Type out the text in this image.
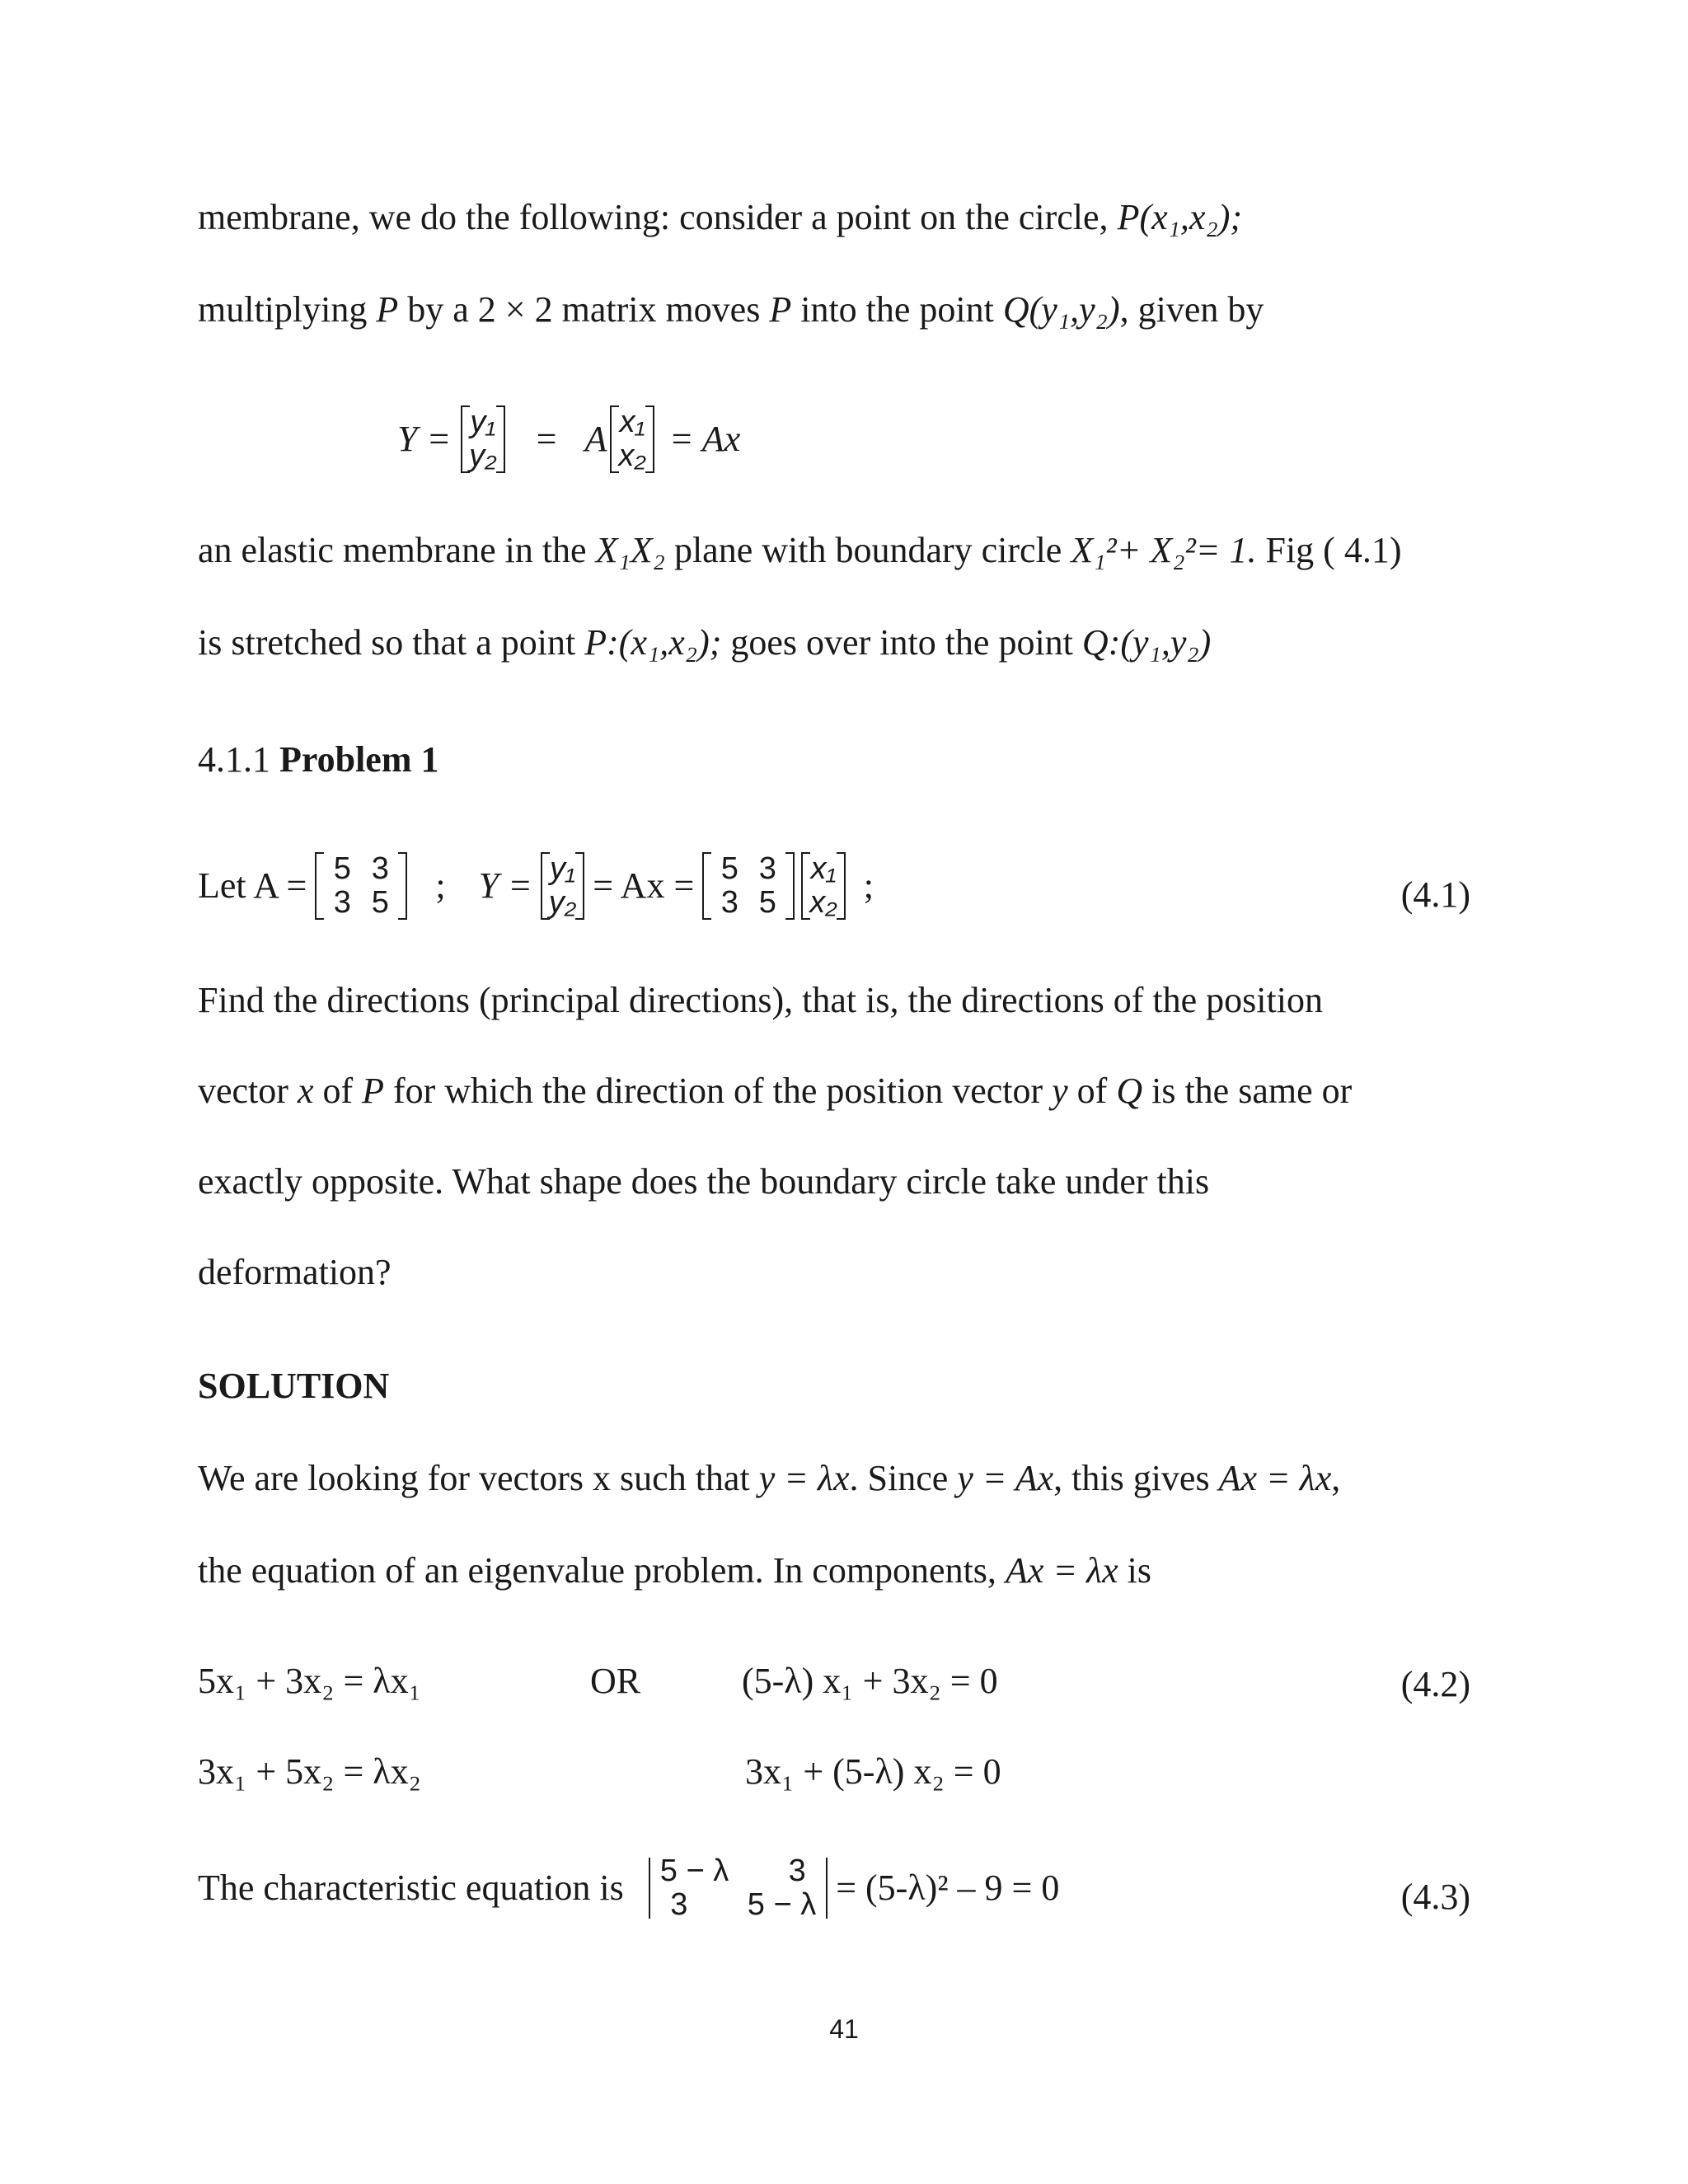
membrane, we do the following: consider a point on the circle, P(x₁,x₂);
multiplying P by a 2 × 2 matrix moves P into the point Q(y₁,y₂), given by
Y = y₁
y₂ = A x₁
x₂ = Ax
an elastic membrane in the X₁X₂ plane with boundary circle X₁²+ X₂²= 1. Fig ( 4.1)
is stretched so that a point P:(x₁,x₂); goes over into the point Q:(y₁,y₂)
4.1.1 Problem 1
Let A = 5 3
3 5 ; Y = y₁
y₂ = Ax = 5 3
3 5
x₁
x₂ ;	(4.1)
Find the directions (principal directions), that is, the directions of the position
vector x of P for which the direction of the position vector y of Q is the same or
exactly opposite. What shape does the boundary circle take under this
deformation?
SOLUTION
We are looking for vectors x such that y = λx. Since y = Ax, this gives Ax = λx,
the equation of an eigenvalue problem. In components, Ax = λx is
5x₁ + 3x₂ = λx₁	OR	(5-λ) x₁ + 3x₂ = 0	(4.2)
3x₁ + 5x₂ = λx₂	3x₁ + (5-λ) x₂ = 0
The characteristic equation is 5 − λ	3
3	5 − λ = (5-λ)² – 9 = 0	(4.3)
41
